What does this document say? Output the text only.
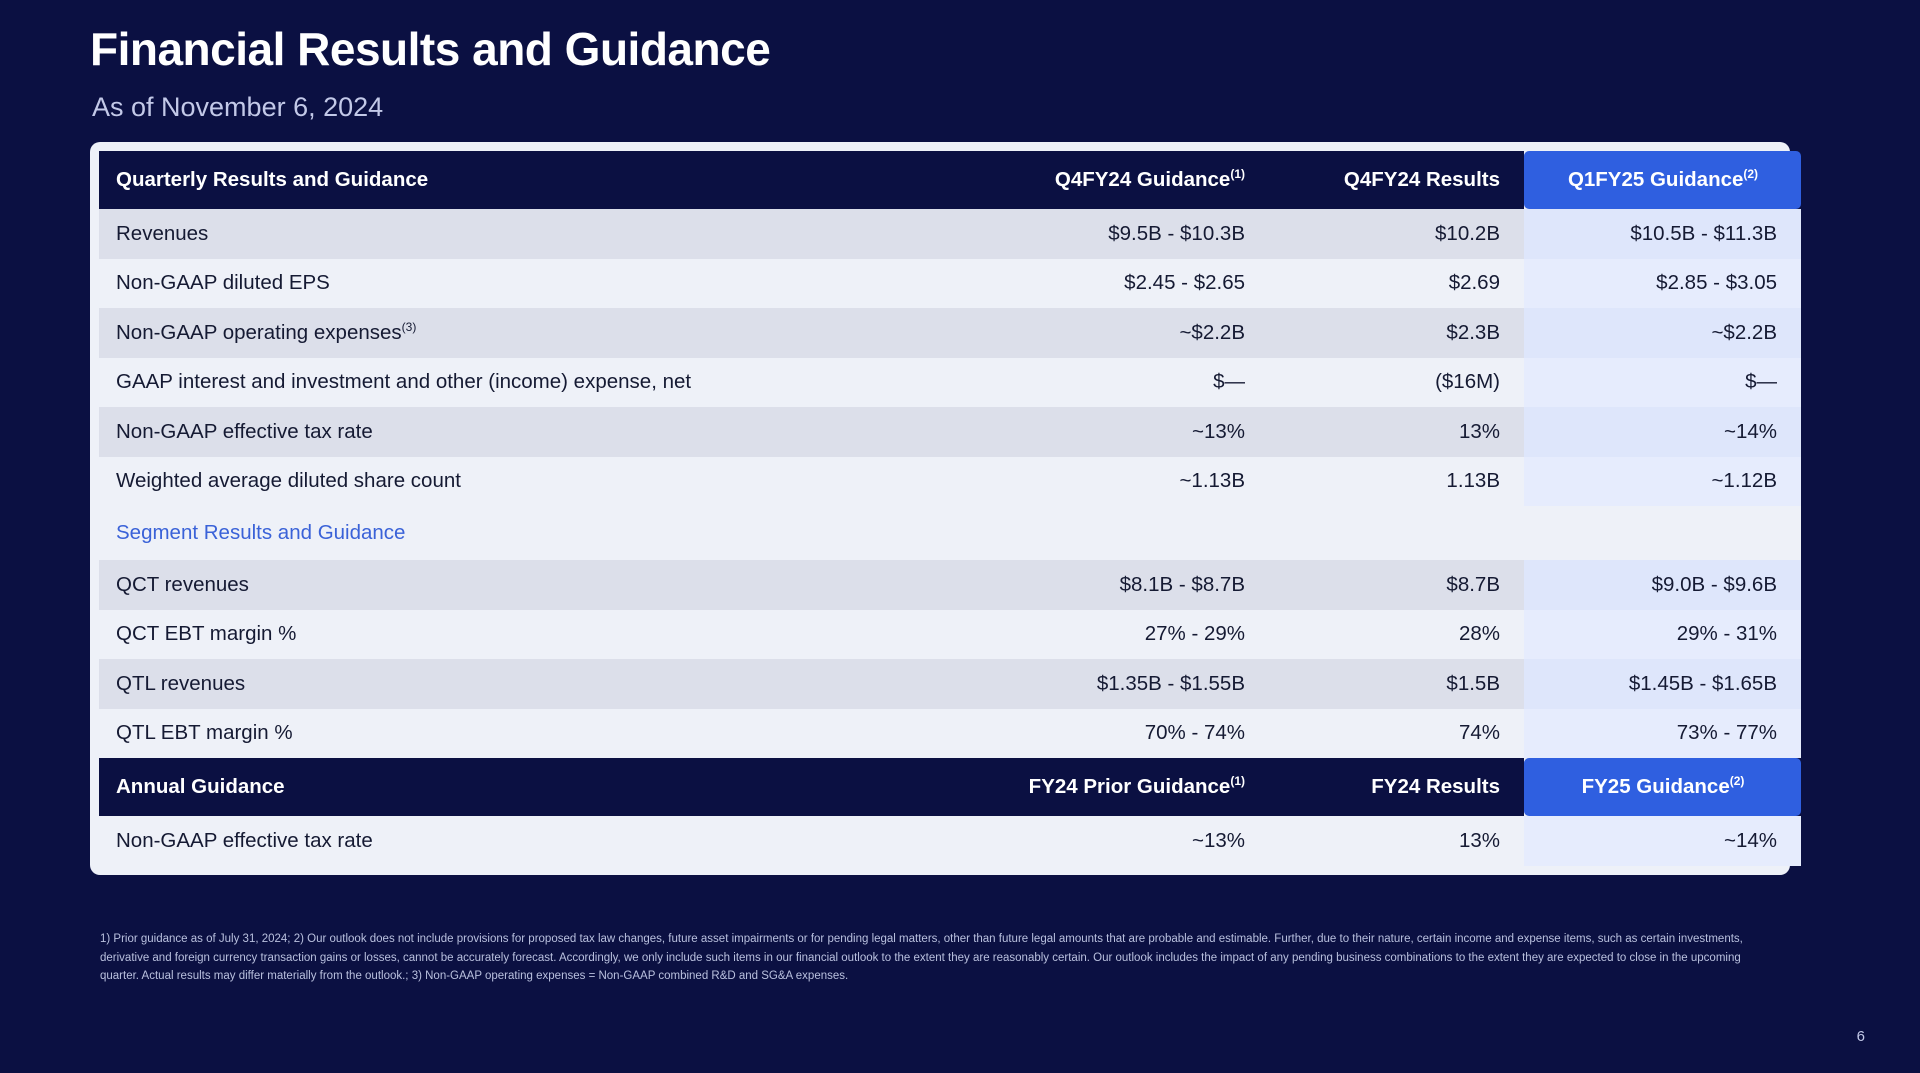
Financial Results and Guidance
As of November 6, 2024
Quarterly Results and Guidance	Q4FY24 Guidance$^{(1)}$	Q4FY24 Results	Q1FY25 Guidance$^{(2)}$

Revenues	$9.5B - $10.3B	$10.2B	$10.5B - $11.3B
Non-GAAP diluted EPS	$2.45 - $2.65	$2.69	$2.85 - $3.05
Non-GAAP operating expenses$^{(3)}$	~$2.2B	$2.3B	~$2.2B
GAAP interest and investment and other (income) expense, net	$—	($16M)	$—
Non-GAAP effective tax rate	~13%	13%	~14%
Weighted average diluted share count	~1.13B	1.13B	~1.12B
Segment Results and Guidance			
QCT revenues	$8.1B - $8.7B	$8.7B	$9.0B - $9.6B
QCT EBT margin %	27% - 29%	28%	29% - 31%
QTL revenues	$1.35B - $1.55B	$1.5B	$1.45B - $1.65B
QTL EBT margin %	70% - 74%	74%	73% - 77%
Annual Guidance	FY24 Prior Guidance$^{(1)}$	FY24 Results	FY25 Guidance$^{(2)}$

Non-GAAP effective tax rate	~13%	13%	~14%
1) Prior guidance as of July 31, 2024; 2) Our outlook does not include provisions for proposed tax law changes, future asset impairments or for pending legal matters, other than future legal amounts that are probable and estimable. Further, due to their nature, certain income and expense items, such as certain investments, derivative and foreign currency transaction gains or losses, cannot be accurately forecast. Accordingly, we only include such items in our financial outlook to the extent they are reasonably certain. Our outlook includes the impact of any pending business combinations to the extent they are expected to close in the upcoming quarter. Actual results may differ materially from the outlook.; 3) Non-GAAP operating expenses = Non-GAAP combined R&D and SG&A expenses.
6
